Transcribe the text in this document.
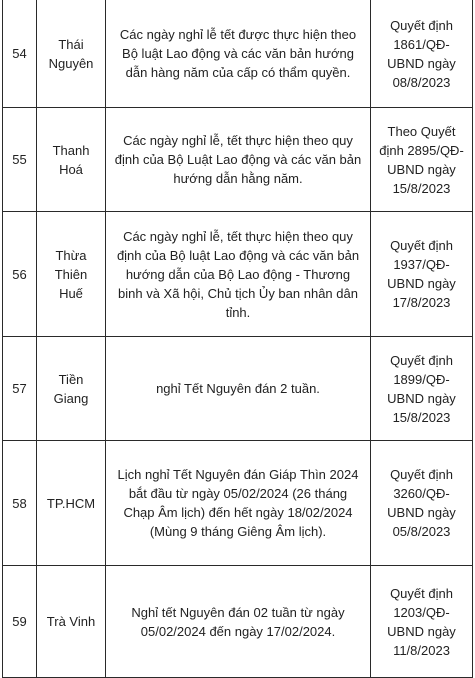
54	Thái Nguyên	Các ngày nghỉ lễ tết được thực hiện theo Bộ luật Lao động và các văn bản hướng dẫn hàng năm của cấp có thẩm quyền.	Quyết định 1861/QĐ-UBND ngày 08/8/2023
55	Thanh Hoá	Các ngày nghỉ lễ, tết thực hiện theo quy định của Bộ Luật Lao động và các văn bản hướng dẫn hằng năm.	Theo Quyết định 2895/QĐ-UBND ngày 15/8/2023
56	Thừa Thiên Huế	Các ngày nghỉ lễ, tết thực hiện theo quy định của Bộ luật Lao động và các văn bản hướng dẫn của Bộ Lao động - Thương binh và Xã hội, Chủ tịch Ủy ban nhân dân tỉnh.	Quyết định 1937/QĐ-UBND ngày 17/8/2023
57	Tiền Giang	nghỉ Tết Nguyên đán 2 tuần.	Quyết định 1899/QĐ-UBND ngày 15/8/2023
58	TP.HCM	Lịch nghỉ Tết Nguyên đán Giáp Thìn 2024 bắt đầu từ ngày 05/02/2024 (26 tháng Chạp Âm lịch) đến hết ngày 18/02/2024 (Mùng 9 tháng Giêng Âm lịch).	Quyết định 3260/QĐ-UBND ngày 05/8/2023
59	Trà Vinh	Nghỉ tết Nguyên đán 02 tuần từ ngày 05/02/2024 đến ngày 17/02/2024.	Quyết định 1203/QĐ-UBND ngày 11/8/2023
